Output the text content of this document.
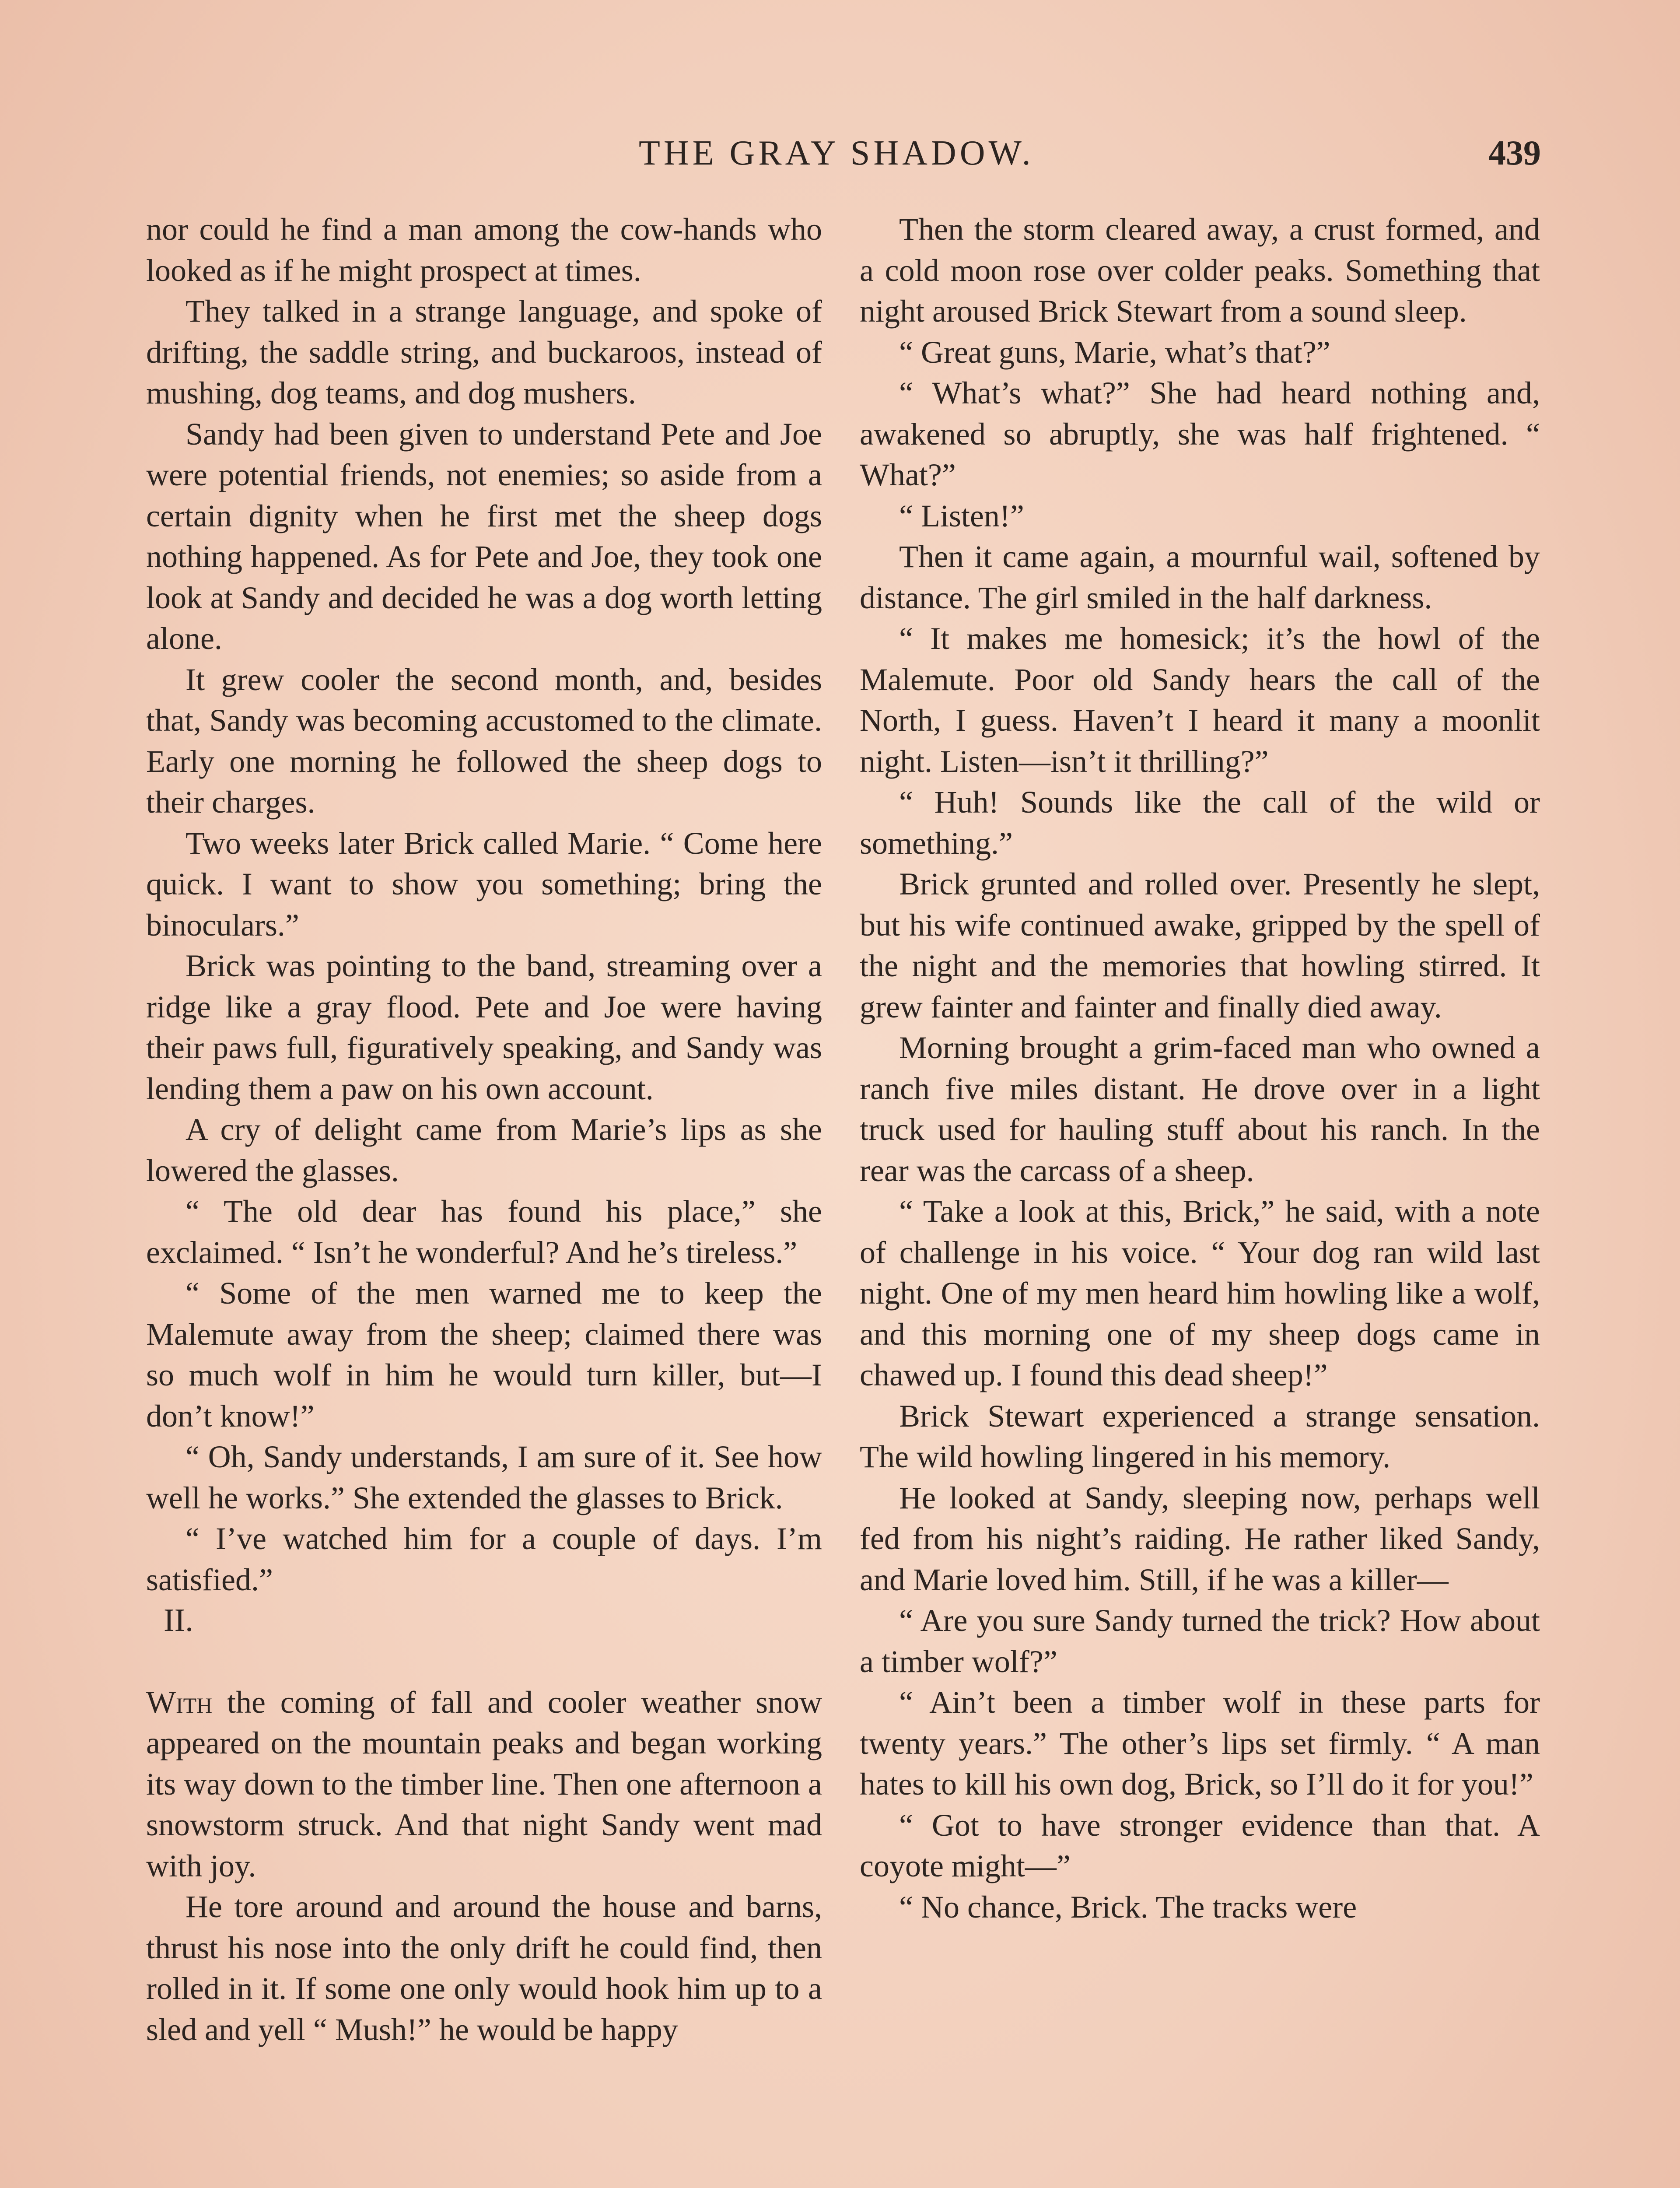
THE GRAY SHADOW.	439

nor could he find a man among the cow-hands who looked as if he might prospect at times.

They talked in a strange language, and spoke of drifting, the saddle string, and buckaroos, instead of mushing, dog teams, and dog mushers.

Sandy had been given to understand Pete and Joe were potential friends, not enemies; so aside from a certain dignity when he first met the sheep dogs nothing happened. As for Pete and Joe, they took one look at Sandy and decided he was a dog worth letting alone.

It grew cooler the second month, and, besides that, Sandy was becoming accustomed to the climate. Early one morning he followed the sheep dogs to their charges.

Two weeks later Brick called Marie. “ Come here quick. I want to show you something; bring the binoculars.”

Brick was pointing to the band, streaming over a ridge like a gray flood. Pete and Joe were having their paws full, figuratively speaking, and Sandy was lending them a paw on his own account.

A cry of delight came from Marie’s lips as she lowered the glasses.

“ The old dear has found his place,” she exclaimed. “ Isn’t he wonderful? And he’s tireless.”

“ Some of the men warned me to keep the Malemute away from the sheep; claimed there was so much wolf in him he would turn killer, but—I don’t know!”

“ Oh, Sandy understands, I am sure of it. See how well he works.” She extended the glasses to Brick.

“ I’ve watched him for a couple of days. I’m satisfied.”

II.

With the coming of fall and cooler weather snow appeared on the mountain peaks and began working its way down to the timber line. Then one afternoon a snowstorm struck. And that night Sandy went mad with joy.

He tore around and around the house and barns, thrust his nose into the only drift he could find, then rolled in it. If some one only would hook him up to a sled and yell “ Mush!” he would be happy

Then the storm cleared away, a crust formed, and a cold moon rose over colder peaks. Something that night aroused Brick Stewart from a sound sleep.

“ Great guns, Marie, what’s that?”

“ What’s what?” She had heard nothing and, awakened so abruptly, she was half frightened. “ What?”

“ Listen!”

Then it came again, a mournful wail, softened by distance. The girl smiled in the half darkness.

“ It makes me homesick; it’s the howl of the Malemute. Poor old Sandy hears the call of the North, I guess. Haven’t I heard it many a moonlit night. Listen—isn’t it thrilling?”

“ Huh! Sounds like the call of the wild or something.”

Brick grunted and rolled over. Presently he slept, but his wife continued awake, gripped by the spell of the night and the memories that howling stirred. It grew fainter and fainter and finally died away.

Morning brought a grim-faced man who owned a ranch five miles distant. He drove over in a light truck used for hauling stuff about his ranch. In the rear was the carcass of a sheep.

“ Take a look at this, Brick,” he said, with a note of challenge in his voice. “ Your dog ran wild last night. One of my men heard him howling like a wolf, and this morning one of my sheep dogs came in chawed up. I found this dead sheep!”

Brick Stewart experienced a strange sensation. The wild howling lingered in his memory.

He looked at Sandy, sleeping now, perhaps well fed from his night’s raiding. He rather liked Sandy, and Marie loved him. Still, if he was a killer—

“ Are you sure Sandy turned the trick? How about a timber wolf?”

“ Ain’t been a timber wolf in these parts for twenty years.” The other’s lips set firmly. “ A man hates to kill his own dog, Brick, so I’ll do it for you!”

“ Got to have stronger evidence than that. A coyote might—”

“ No chance, Brick. The tracks were
